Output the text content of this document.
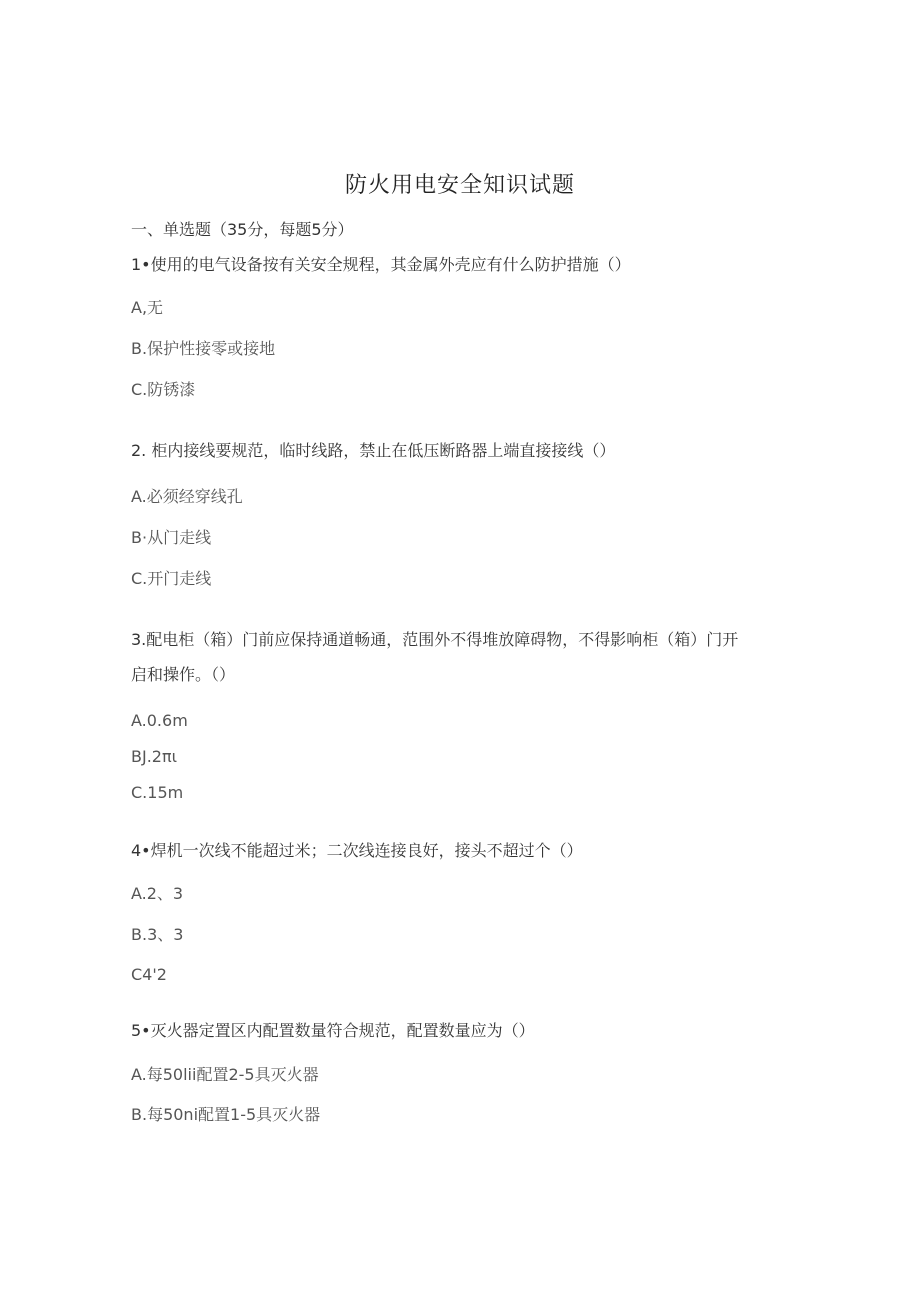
防火用电安全知识试题
一、单选题（35分，每题5分）
1•使用的电气设备按有关安全规程，其金属外壳应有什么防护措施（）
A,无
B.保护性接零或接地
C.防锈漆
2. 柜内接线要规范，临时线路，禁止在低压断路器上端直接接线（）
A.必须经穿线孔
B·从门走线
C.开门走线
3.配电柜（箱）门前应保持通道畅通，范围外不得堆放障碍物，不得影响柜（箱）门开
启和操作。（）
A.0.6m
BJ.2πι
C.15m
4•焊机一次线不能超过米；二次线连接良好，接头不超过个（）
A.2、3
B.3、3
C4'2
5•灭火器定置区内配置数量符合规范，配置数量应为（）
A.每50lii配置2-5具灭火器
B.每50ni配置1-5具灭火器
